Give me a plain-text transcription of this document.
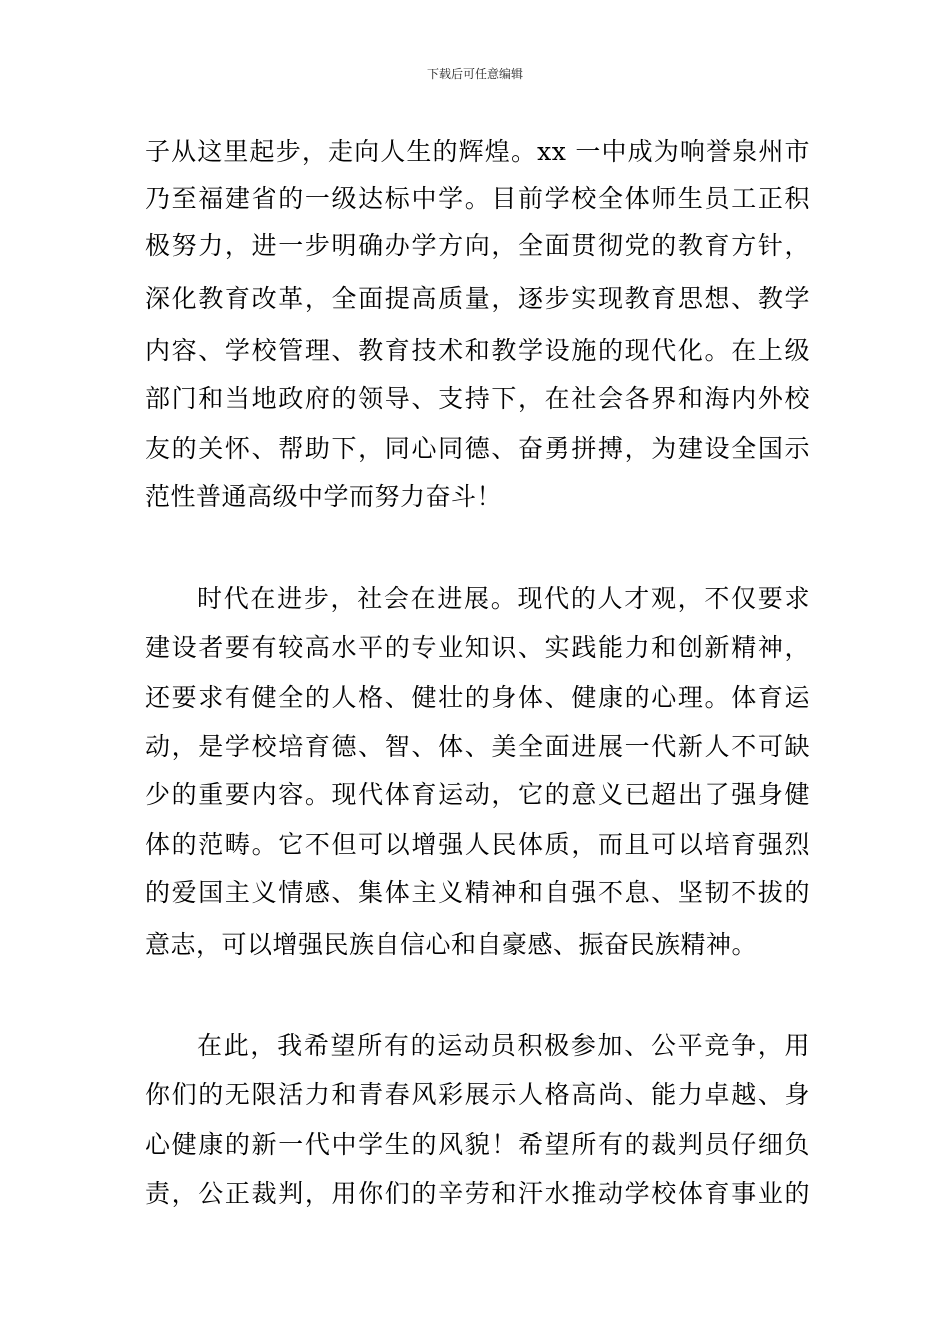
下载后可任意编辑
子从这里起步，走向人生的辉煌。xx 一中成为响誉泉州市
乃至福建省的一级达标中学。目前学校全体师生员工正积
极努力，进一步明确办学方向，全面贯彻党的教育方针，
深化教育改革，全面提高质量，逐步实现教育思想、教学
内容、学校管理、教育技术和教学设施的现代化。在上级
部门和当地政府的领导、支持下，在社会各界和海内外校
友的关怀、帮助下，同心同德、奋勇拼搏，为建设全国示
范性普通高级中学而努力奋斗！
时代在进步，社会在进展。现代的人才观，不仅要求
建设者要有较高水平的专业知识、实践能力和创新精神，
还要求有健全的人格、健壮的身体、健康的心理。体育运
动，是学校培育德、智、体、美全面进展一代新人不可缺
少的重要内容。现代体育运动，它的意义已超出了强身健
体的范畴。它不但可以增强人民体质，而且可以培育强烈
的爱国主义情感、集体主义精神和自强不息、坚韧不拔的
意志，可以增强民族自信心和自豪感、振奋民族精神。
在此，我希望所有的运动员积极参加、公平竞争，用
你们的无限活力和青春风彩展示人格高尚、能力卓越、身
心健康的新一代中学生的风貌！希望所有的裁判员仔细负
责，公正裁判，用你们的辛劳和汗水推动学校体育事业的
